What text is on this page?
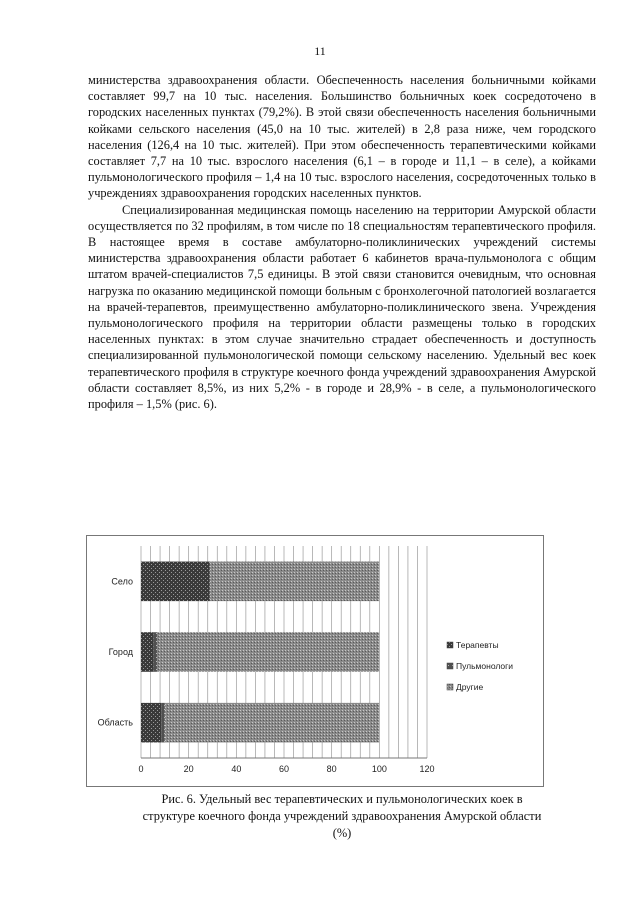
11

министерства здравоохранения области. Обеспеченность населения больничными койками составляет 99,7 на 10 тыс. населения. Большинство больничных коек сосредоточено в городских населенных пунктах (79,2%). В этой связи обеспеченность населения больничными койками сельского населения (45,0 на 10 тыс. жителей) в 2,8 раза ниже, чем городского населения (126,4 на 10 тыс. жителей). При этом обеспеченность терапевтическими койками составляет 7,7 на 10 тыс. взрослого населения (6,1 – в городе и 11,1 – в селе), а койками пульмонологического профиля – 1,4 на 10 тыс. взрослого населения, сосредоточенных только в учреждениях здравоохранения городских населенных пунктов.

Специализированная медицинская помощь населению на территории Амурской области осуществляется по 32 профилям, в том числе по 18 специальностям терапевтического профиля. В настоящее время в составе амбулаторно-поликлинических учреждений системы министерства здравоохранения области работает 6 кабинетов врача-пульмонолога с общим штатом врачей-специалистов 7,5 единицы. В этой связи становится очевидным, что основная нагрузка по оказанию медицинской помощи больным с бронхолегочной патологией возлагается на врачей-терапевтов, преимущественно амбулаторно-поликлинического звена. Учреждения пульмонологического профиля на территории области размещены только в городских населенных пунктах: в этом случае значительно страдает обеспеченность и доступность специализированной пульмонологической помощи сельскому населению. Удельный вес коек терапевтического профиля в структуре коечного фонда учреждений здравоохранения Амурской области составляет 8,5%, из них 5,2% - в городе и 28,9% - в селе, а пульмонологического профиля – 1,5% (рис. 6).

0	20	40	60	80	100	120
Село
Город
Область
Терапевты
Пульмонологи
Другие
Рис. 6. Удельный вес терапевтических и пульмонологических коек в
структуре коечного фонда учреждений здравоохранения Амурской области
(%)
